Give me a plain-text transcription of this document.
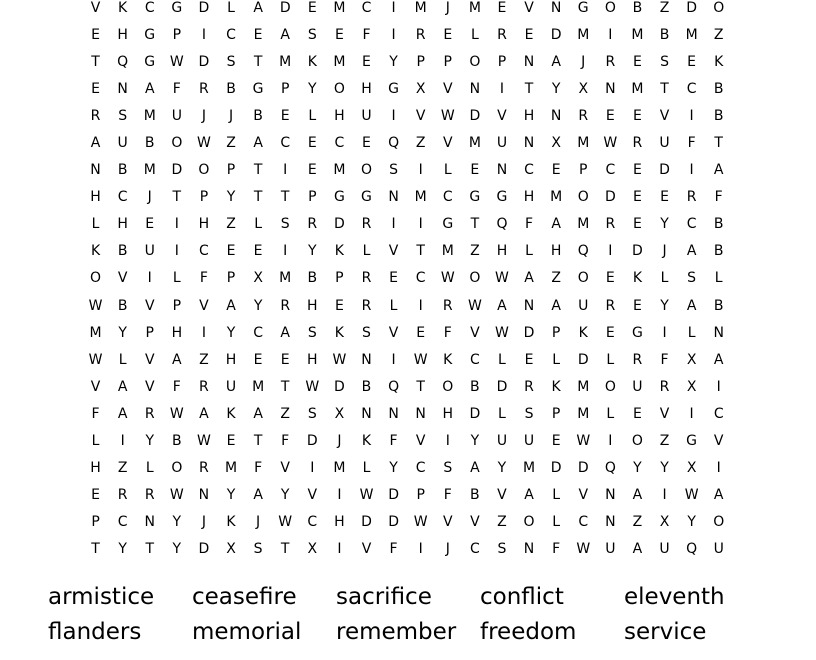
V	K	C	G	D	L	A	D	E	M	C	I	M	J	M	E	V	N	G	O	B	Z	D	O
E	H	G	P	I	C	E	A	S	E	F	I	R	E	L	R	E	D	M	I	M	B	M	Z
T	Q	G	W	D	S	T	M	K	M	E	Y	P	P	O	P	N	A	J	R	E	S	E	K
E	N	A	F	R	B	G	P	Y	O	H	G	X	V	N	I	T	Y	X	N	M	T	C	B
R	S	M	U	J	J	B	E	L	H	U	I	V	W	D	V	H	N	R	E	E	V	I	B
A	U	B	O	W	Z	A	C	E	C	E	Q	Z	V	M	U	N	X	M	W	R	U	F	T
N	B	M	D	O	P	T	I	E	M	O	S	I	L	E	N	C	E	P	C	E	D	I	A
H	C	J	T	P	Y	T	T	P	G	G	N	M	C	G	G	H	M	O	D	E	E	R	F
L	H	E	I	H	Z	L	S	R	D	R	I	I	G	T	Q	F	A	M	R	E	Y	C	B
K	B	U	I	C	E	E	I	Y	K	L	V	T	M	Z	H	L	H	Q	I	D	J	A	B
O	V	I	L	F	P	X	M	B	P	R	E	C	W	O	W	A	Z	O	E	K	L	S	L
W	B	V	P	V	A	Y	R	H	E	R	L	I	R	W	A	N	A	U	R	E	Y	A	B
M	Y	P	H	I	Y	C	A	S	K	S	V	E	F	V	W	D	P	K	E	G	I	L	N
W	L	V	A	Z	H	E	E	H	W	N	I	W	K	C	L	E	L	D	L	R	F	X	A
V	A	V	F	R	U	M	T	W	D	B	Q	T	O	B	D	R	K	M	O	U	R	X	I
F	A	R	W	A	K	A	Z	S	X	N	N	N	H	D	L	S	P	M	L	E	V	I	C
L	I	Y	B	W	E	T	F	D	J	K	F	V	I	Y	U	U	E	W	I	O	Z	G	V
H	Z	L	O	R	M	F	V	I	M	L	Y	C	S	A	Y	M	D	D	Q	Y	Y	X	I
E	R	R	W	N	Y	A	Y	V	I	W	D	P	F	B	V	A	L	V	N	A	I	W	A
P	C	N	Y	J	K	J	W	C	H	D	D	W	V	V	Z	O	L	C	N	Z	X	Y	O
T	Y	T	Y	D	X	S	T	X	I	V	F	I	J	C	S	N	F	W	U	A	U	Q	U
armistice	ceasefire	sacrifice	conflict	eleventh
flanders	memorial	remember	freedom	service
